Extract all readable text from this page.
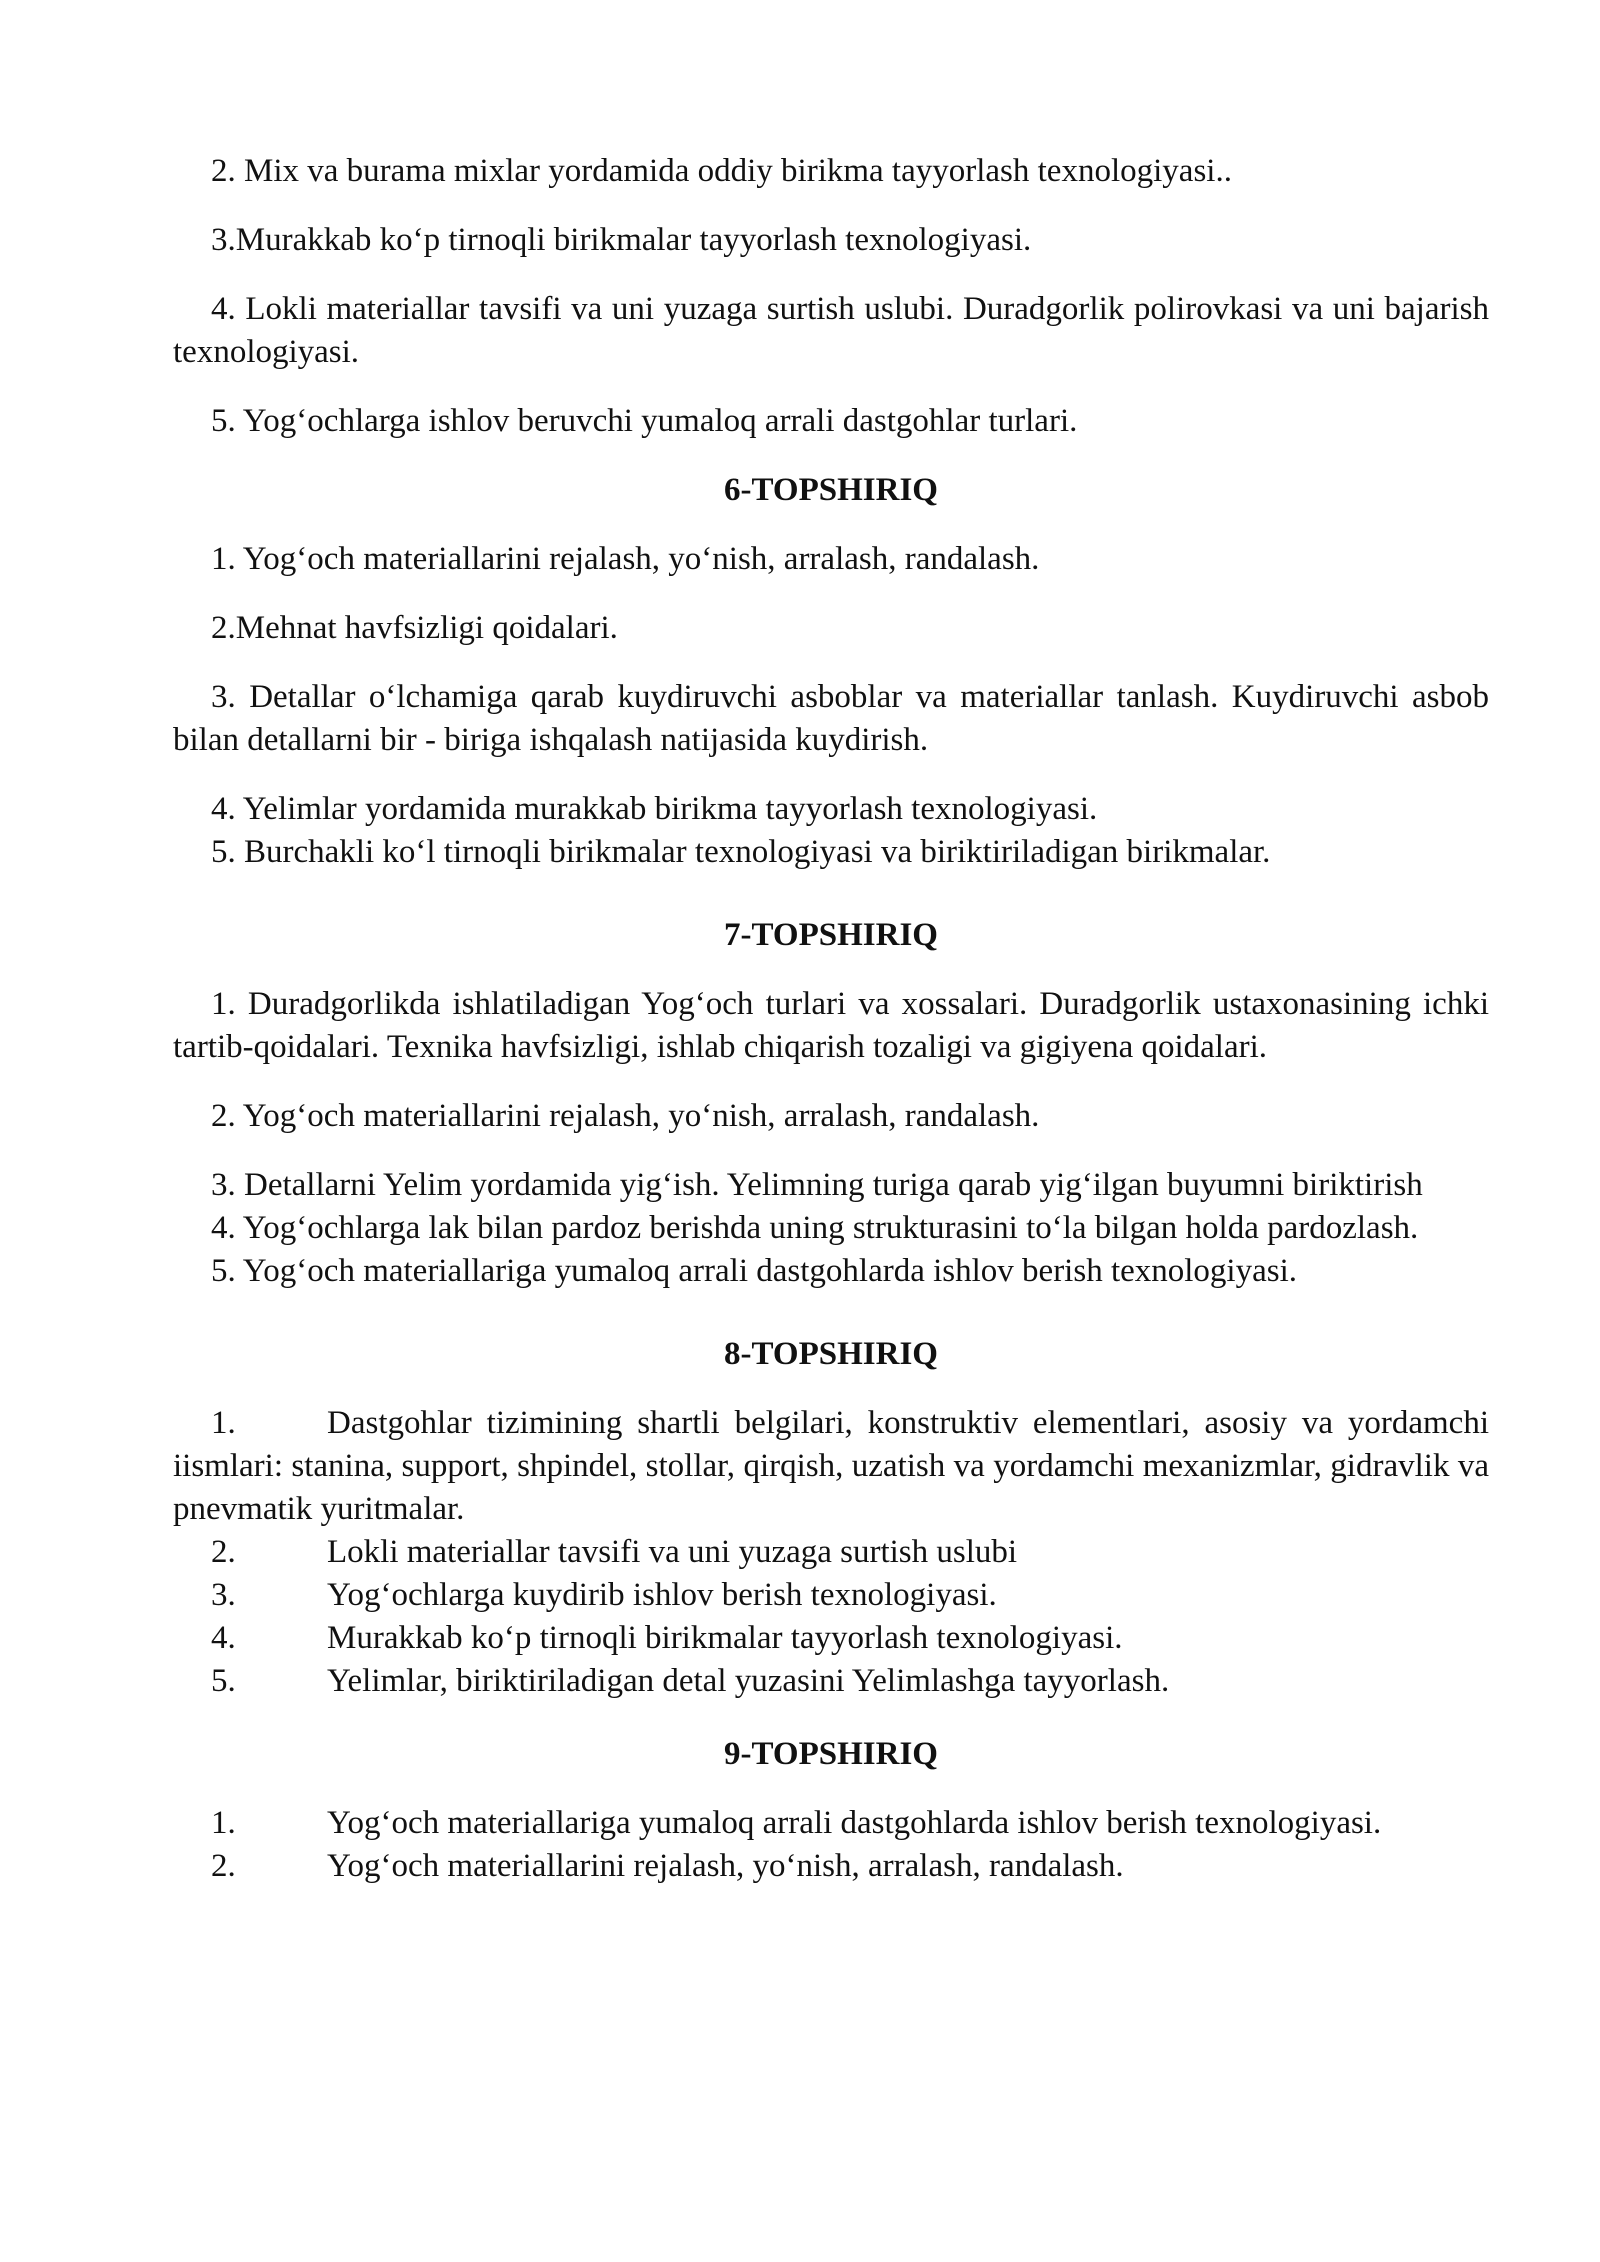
2. Mix va burama mixlar yordamida oddiy birikma tayyorlash texnologiyasi..

3.Murakkab ko‘p tirnoqli birikmalar tayyorlash texnologiyasi.

4. Lokli materiallar tavsifi va uni yuzaga surtish uslubi. Duradgorlik polirovkasi va uni bajarish texnologiyasi.

5. Yog‘ochlarga ishlov beruvchi yumaloq arrali dastgohlar turlari.

6-TOPSHIRIQ

1. Yog‘och materiallarini rejalash, yo‘nish, arralash, randalash.

2.Mehnat havfsizligi qoidalari.

3. Detallar o‘lchamiga qarab kuydiruvchi asboblar va materiallar tanlash. Kuydiruvchi asbob bilan detallarni bir - biriga ishqalash natijasida kuydirish.

4. Yelimlar yordamida murakkab birikma tayyorlash texnologiyasi.

5. Burchakli ko‘l tirnoqli birikmalar texnologiyasi va biriktiriladigan birikmalar.

7-TOPSHIRIQ

1. Duradgorlikda ishlatiladigan Yog‘och turlari va xossalari. Duradgorlik ustaxonasining ichki tartib-qoidalari. Texnika havfsizligi, ishlab chiqarish tozaligi va gigiyena qoidalari.

2. Yog‘och materiallarini rejalash, yo‘nish, arralash, randalash.

3. Detallarni Yelim yordamida yig‘ish. Yelimning turiga qarab yig‘ilgan buyumni biriktirish

4. Yog‘ochlarga lak bilan pardoz berishda uning strukturasini to‘la bilgan holda pardozlash.

5. Yog‘och materiallariga yumaloq arrali dastgohlarda ishlov berish texnologiyasi.

8-TOPSHIRIQ

1.	Dastgohlar tizimining shartli belgilari, konstruktiv elementlari, asosiy va yordamchi iismlari: stanina, support, shpindel, stollar, qirqish, uzatish va yordamchi mexanizmlar, gidravlik va pnevmatik yuritmalar.

2.	Lokli materiallar tavsifi va uni yuzaga surtish uslubi
3.	Yog‘ochlarga kuydirib ishlov berish texnologiyasi.
4.	Murakkab ko‘p tirnoqli birikmalar tayyorlash texnologiyasi.
5.	Yelimlar, biriktiriladigan detal yuzasini Yelimlashga tayyorlash.

9-TOPSHIRIQ

1.	Yog‘och materiallariga yumaloq arrali dastgohlarda ishlov berish texnologiyasi.

2.	Yog‘och materiallarini rejalash, yo‘nish, arralash, randalash.
